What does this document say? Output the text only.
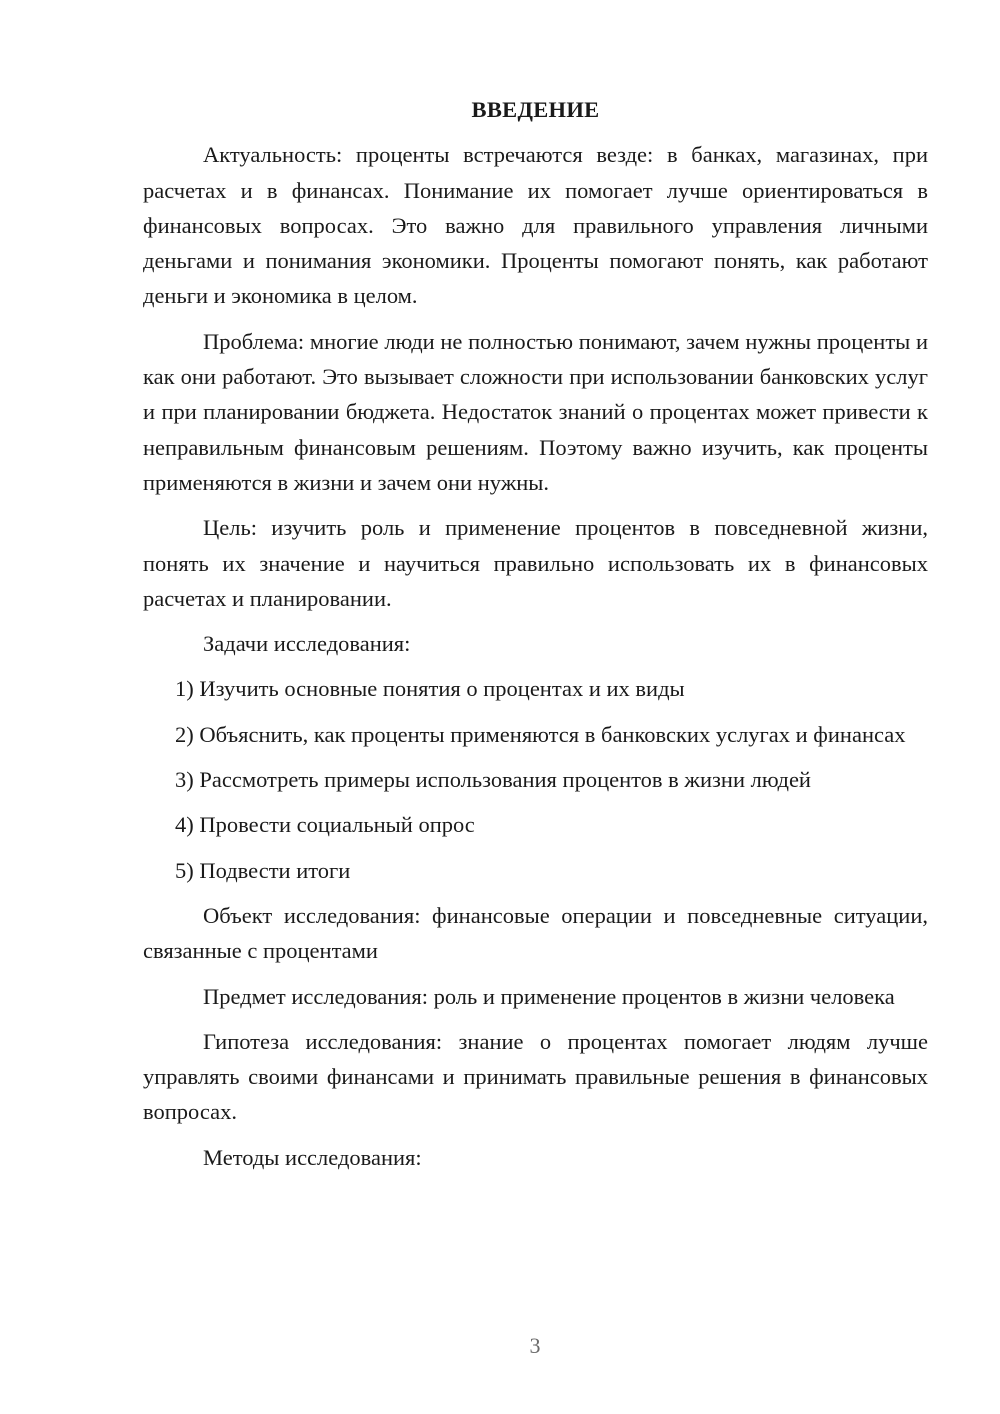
ВВЕДЕНИЕ

Актуальность: проценты встречаются везде: в банках, магазинах, при расчетах и в финансах. Понимание их помогает лучше ориентироваться в финансовых вопросах. Это важно для правильного управления личными деньгами и понимания экономики. Проценты помогают понять, как работают деньги и экономика в целом.

Проблема: многие люди не полностью понимают, зачем нужны проценты и как они работают. Это вызывает сложности при использовании банковских услуг и при планировании бюджета. Недостаток знаний о процентах может привести к неправильным финансовым решениям. Поэтому важно изучить, как проценты применяются в жизни и зачем они нужны.

Цель: изучить роль и применение процентов в повседневной жизни, понять их значение и научиться правильно использовать их в финансовых расчетах и планировании.

Задачи исследования:

1) Изучить основные понятия о процентах и их виды

2) Объяснить, как проценты применяются в банковских услугах и финансах

3) Рассмотреть примеры использования процентов в жизни людей

4) Провести социальный опрос

5) Подвести итоги

Объект исследования: финансовые операции и повседневные ситуации, связанные с процентами

Предмет исследования: роль и применение процентов в жизни человека

Гипотеза исследования: знание о процентах помогает людям лучше управлять своими финансами и принимать правильные решения в финансовых вопросах.

Методы исследования:

3
